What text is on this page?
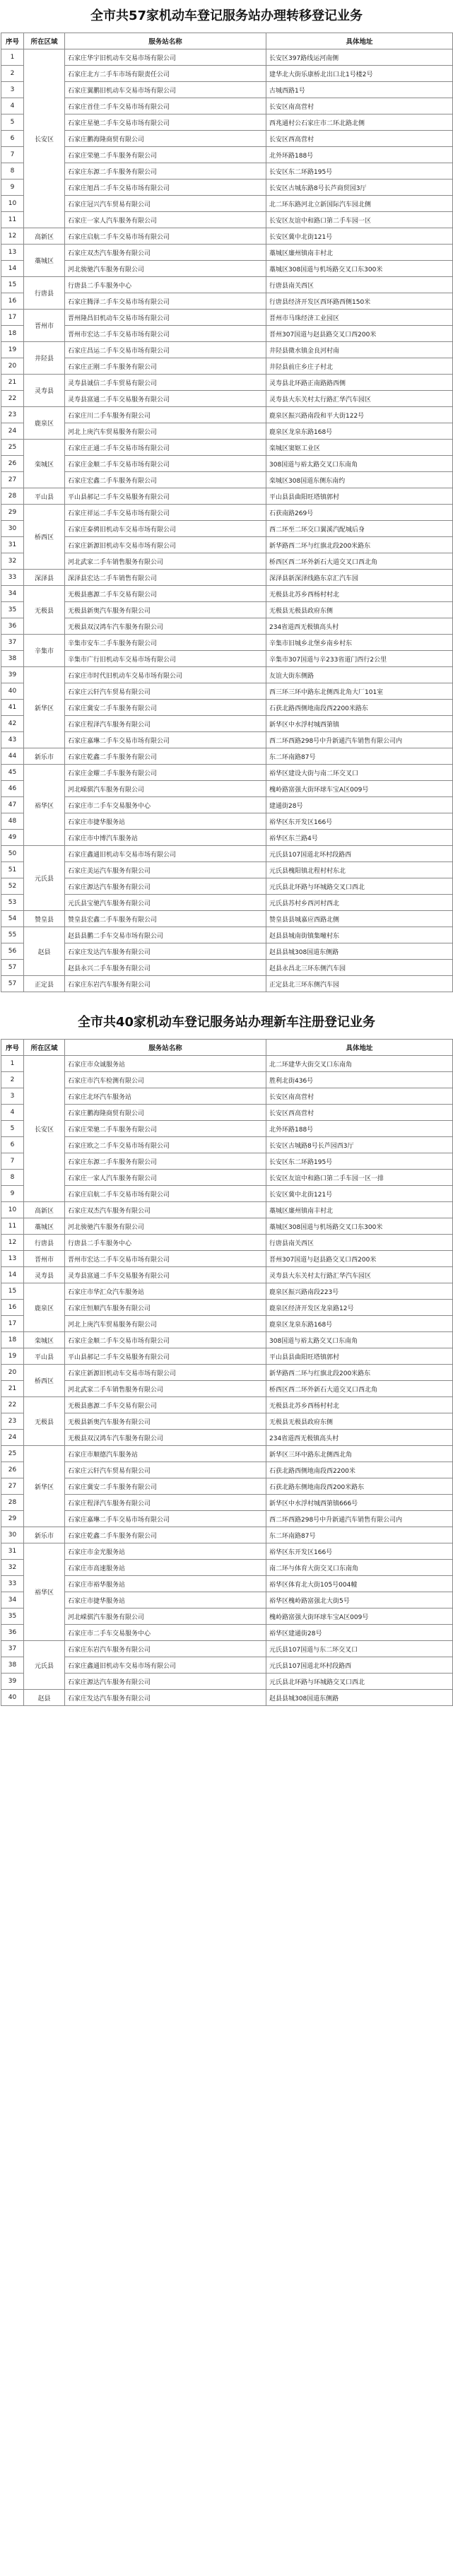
全市共57家机动车登记服务站办理转移登记业务
序号	所在区域	服务站名称	具体地址
1	长安区	石家庄华宇旧机动车交易市场有限公司	长安区397路线运河南侧
2		石家庄北方二手车市场有限责任公司	建华北大街乐康桥北出口北1号楼2号
3		石家庄翼鹏旧机动车交易市场有限公司	古城西路1号
4		石家庄首佳二手车交易市场有限公司	长安区南高营村
5		石家庄星驰二手车交易市场有限公司	西兆通村公石家庄市二环北路北侧
6		石家庄鹏海隆商贸有限公司	长安区西高营村
7		石家庄荣驰二手车服务有限公司	北外环路188号
8		石家庄东源二手车服务有限公司	长安区东二环路195号
9		石家庄旭昌二手车交易市场有限公司	长安区古城东路8号长芦商贸园3厅
10		石家庄冠兴汽车贸易有限公司	北二环东路河北立新国际汽车园北侧
11		石家庄一家人汽车服务有限公司	长安区友谊中和路口第二手车园一区
12	高新区	石家庄启航二手车交易市场有限公司	长安区冀中北街121号
13	藁城区	石家庄双杰汽车服务有限公司	藁城区廉州镇南丰村北
14		河北骏驰汽车服务有限公司	藁城区308国道与机场路交叉口东300米
15	行唐县	行唐县二手车服务中心	行唐县南关西区
16		石家庄腾泽二手车交易市场有限公司	行唐县经济开发区西环路西侧150米
17	晋州市	晋州隆昌旧机动车交易市场有限公司	晋州市马珠经济工业园区
18		晋州市宏达二手车交易市场有限公司	晋州307国道与赵县路交叉口西200米
19	井陉县	石家庄昌运二手车交易市场有限公司	井陉县微水镇金良河村南
20		石家庄正刚二手车服务有限公司	井陉县前庄乡庄子村北
21	灵寿县	灵寿县诚信二手车贸易有限公司	灵寿县北环路正南路路西侧
22		灵寿县富通二手车交易服务有限公司	灵寿县大东关村太行路汇华汽车园区
23	鹿泉区	石家庄川二手车服务有限公司	鹿泉区振兴路南段和平大街122号
24		河北上庚汽车贸易服务有限公司	鹿泉区龙泉东路168号
25	栾城区	石家庄正通二手车交易市场有限公司	栾城区窦妪工业区
26		石家庄金顺二手车交易市场有限公司	308国道与裕太路交叉口东南角
27		石家庄宏鑫二手车服务有限公司	栾城区308国道东侧东南约
28	平山县	平山县郝记二手车交易服务有限公司	平山县县曲阳旺塔镇郭村
29	桥西区	石家庄祥运二手车交易市场有限公司	石获南路269号
30		石家庄泰骋旧机动车交易市场有限公司	西二环至二环交口翼溪汽配城后身
31		石家庄新源旧机动车交易市场有限公司	新华路西二环与红旗北段200米路东
32		河北武家二手车销售服务有限公司	桥西区西二环外新石大道交叉口西北角
33	深泽县	深泽县宏达二手车销售有限公司	深泽县新深泽线路东京汇汽车园
34	无极县	无极县惠源二手车交易有限公司	无极县北苏乡西杨村村北
35		无极县新奥汽车服务有限公司	无极县无极县政府东侧
36		无极县双汉鸿车汽车服务有限公司	234省道西无极镇高头村
37	辛集市	辛集市安车二手车服务有限公司	辛集市旧城乡北堡乡南乡村东
38		辛集市广行旧机动车交易市场有限公司	辛集市307国道与辛233省道门西行2公里
39	新华区	石家庄市时代旧机动车交易市场有限公司	友谊大街东侧路
40		石家庄云轩汽车贸易有限公司	西三环三环中路东北侧西北角大厂101室
41		石家庄冀安二手车服务有限公司	石获北路西侧地南段西2200米路东
42		石家庄程泽汽车服务有限公司	新华区中水浮村城西第镇
43		石家庄嘉琳二手车交易市场有限公司	西二环西路298号中升新通汽车销售有限公司内
44	新乐市	石家庄乾鑫二手车服务有限公司	东二环南路87号
45	裕华区	石家庄金耀二手车服务有限公司	裕华区建设大街与南二环交叉口
46		河北嵘骐汽车服务有限公司	槐岭路富强大街环球车宝A区009号
47		石家庄市二手车交易服务中心	建通街28号
48		石家庄市捷华服务站	裕华区东开发区166号
49		石家庄市中博汽车服务站	裕华区东兰路4号
50	元氏县	石家庄鑫通旧机动车交易市场有限公司	元氏县107国道北环村段路西
51		石家庄美运汽车服务有限公司	元氏县槐阳镇北程村村东北
52		石家庄源达汽车服务有限公司	元氏县北环路与环城路交叉口西北
53		元氏县宝驰汽车服务有限公司	元氏县苏村乡西河村西北
54	赞皇县	赞皇县宏鑫二手车服务有限公司	赞皇县县城嘉应西路北侧
55	赵县	赵县县鹏二手车交易市场有限公司	赵县县城南街镇集疃村东
56		石家庄发达汽车服务有限公司	赵县县城308国道东侧路
57		赵县永兴二手车服务有限公司	赵县永昌北三环东侧汽车园
57	正定县	石家庄东岩汽车服务有限公司	正定县北三环东侧汽车园
全市共40家机动车登记服务站办理新车注册登记业务
序号	所在区域	服务站名称	具体地址
1	长安区	石家庄市众诚服务站	北二环建华大街交叉口东南角
2		石家庄市汽车检测有限公司	胜利北街436号
3		石家庄北环汽车服务站	长安区南高营村
4		石家庄鹏海隆商贸有限公司	长安区西高营村
5		石家庄荣驰二手车服务有限公司	北外环路188号
6		石家庄欧之二手车交易市场有限公司	长安区古城路8号长芦园西3厅
7		石家庄东源二手车服务有限公司	长安区东二环路195号
8		石家庄一家人汽车服务有限公司	长安区友谊中和路口第二手车园一区一排
9		石家庄启航二手车交易市场有限公司	长安区冀中北街121号
10	高新区	石家庄双杰汽车服务有限公司	藁城区廉州镇南丰村北
11	藁城区	河北骏驰汽车服务有限公司	藁城区308国道与机场路交叉口东300米
12	行唐县	行唐县二手车服务中心	行唐县南关西区
13	晋州市	晋州市宏达二手车交易市场有限公司	晋州307国道与赵县路交叉口西200米
14	灵寿县	灵寿县富通二手车交易服务有限公司	灵寿县大东关村太行路汇华汽车园区
15	鹿泉区	石家庄市华汇众汽车服务站	鹿泉区振兴路南段223号
16		石家庄恒顺汽车服务有限公司	鹿泉区经济开发区龙泉路12号
17		河北上庚汽车贸易服务有限公司	鹿泉区龙泉东路168号
18	栾城区	石家庄金顺二手车交易市场有限公司	308国道与裕太路交叉口东南角
19	平山县	平山县郝记二手车交易服务有限公司	平山县县曲阳旺塔镇郭村
20	桥西区	石家庄新源旧机动车交易市场有限公司	新华路西二环与红旗北段200米路东
21		河北武家二手车销售服务有限公司	桥西区西二环外新石大道交叉口西北角
22	无极县	无极县惠源二手车交易有限公司	无极县北苏乡西杨村村北
23		无极县新奥汽车服务有限公司	无极县无极县政府东侧
24		无极县双汉鸿车汽车服务有限公司	234省道西无极镇高头村
25	新华区	石家庄市顺德汽车服务站	新华区三环中路东北侧西北角
26		石家庄云轩汽车贸易有限公司	石获北路西侧地南段西2200米
27		石家庄冀安二手车服务有限公司	石获北路东侧地南段西200米路东
28		石家庄程泽汽车服务有限公司	新华区中水浮村城西第镇666号
29		石家庄嘉琳二手车交易市场有限公司	西二环西路298号中升新通汽车销售有限公司内
30	新乐市	石家庄乾鑫二手车服务有限公司	东二环南路87号
31	裕华区	石家庄市金光服务站	裕华区东开发区166号
32		石家庄市高速服务站	南二环与体育大街交叉口东南角
33		石家庄市裕华服务站	裕华区体育北大街105号004幢
34		石家庄市捷华服务站	裕华区槐岭路富强北大街5号
35		河北嵘骐汽车服务有限公司	槐岭路富强大街环球车宝A区009号
36		石家庄市二手车交易服务中心	裕华区建通街28号
37	元氏县	石家庄东岩汽车服务有限公司	元氏县107国道与东二环交叉口
38		石家庄鑫通旧机动车交易市场有限公司	元氏县107国道北环村段路西
39		石家庄源达汽车服务有限公司	元氏县北环路与环城路交叉口西北
40	赵县	石家庄发达汽车服务有限公司	赵县县城308国道东侧路
